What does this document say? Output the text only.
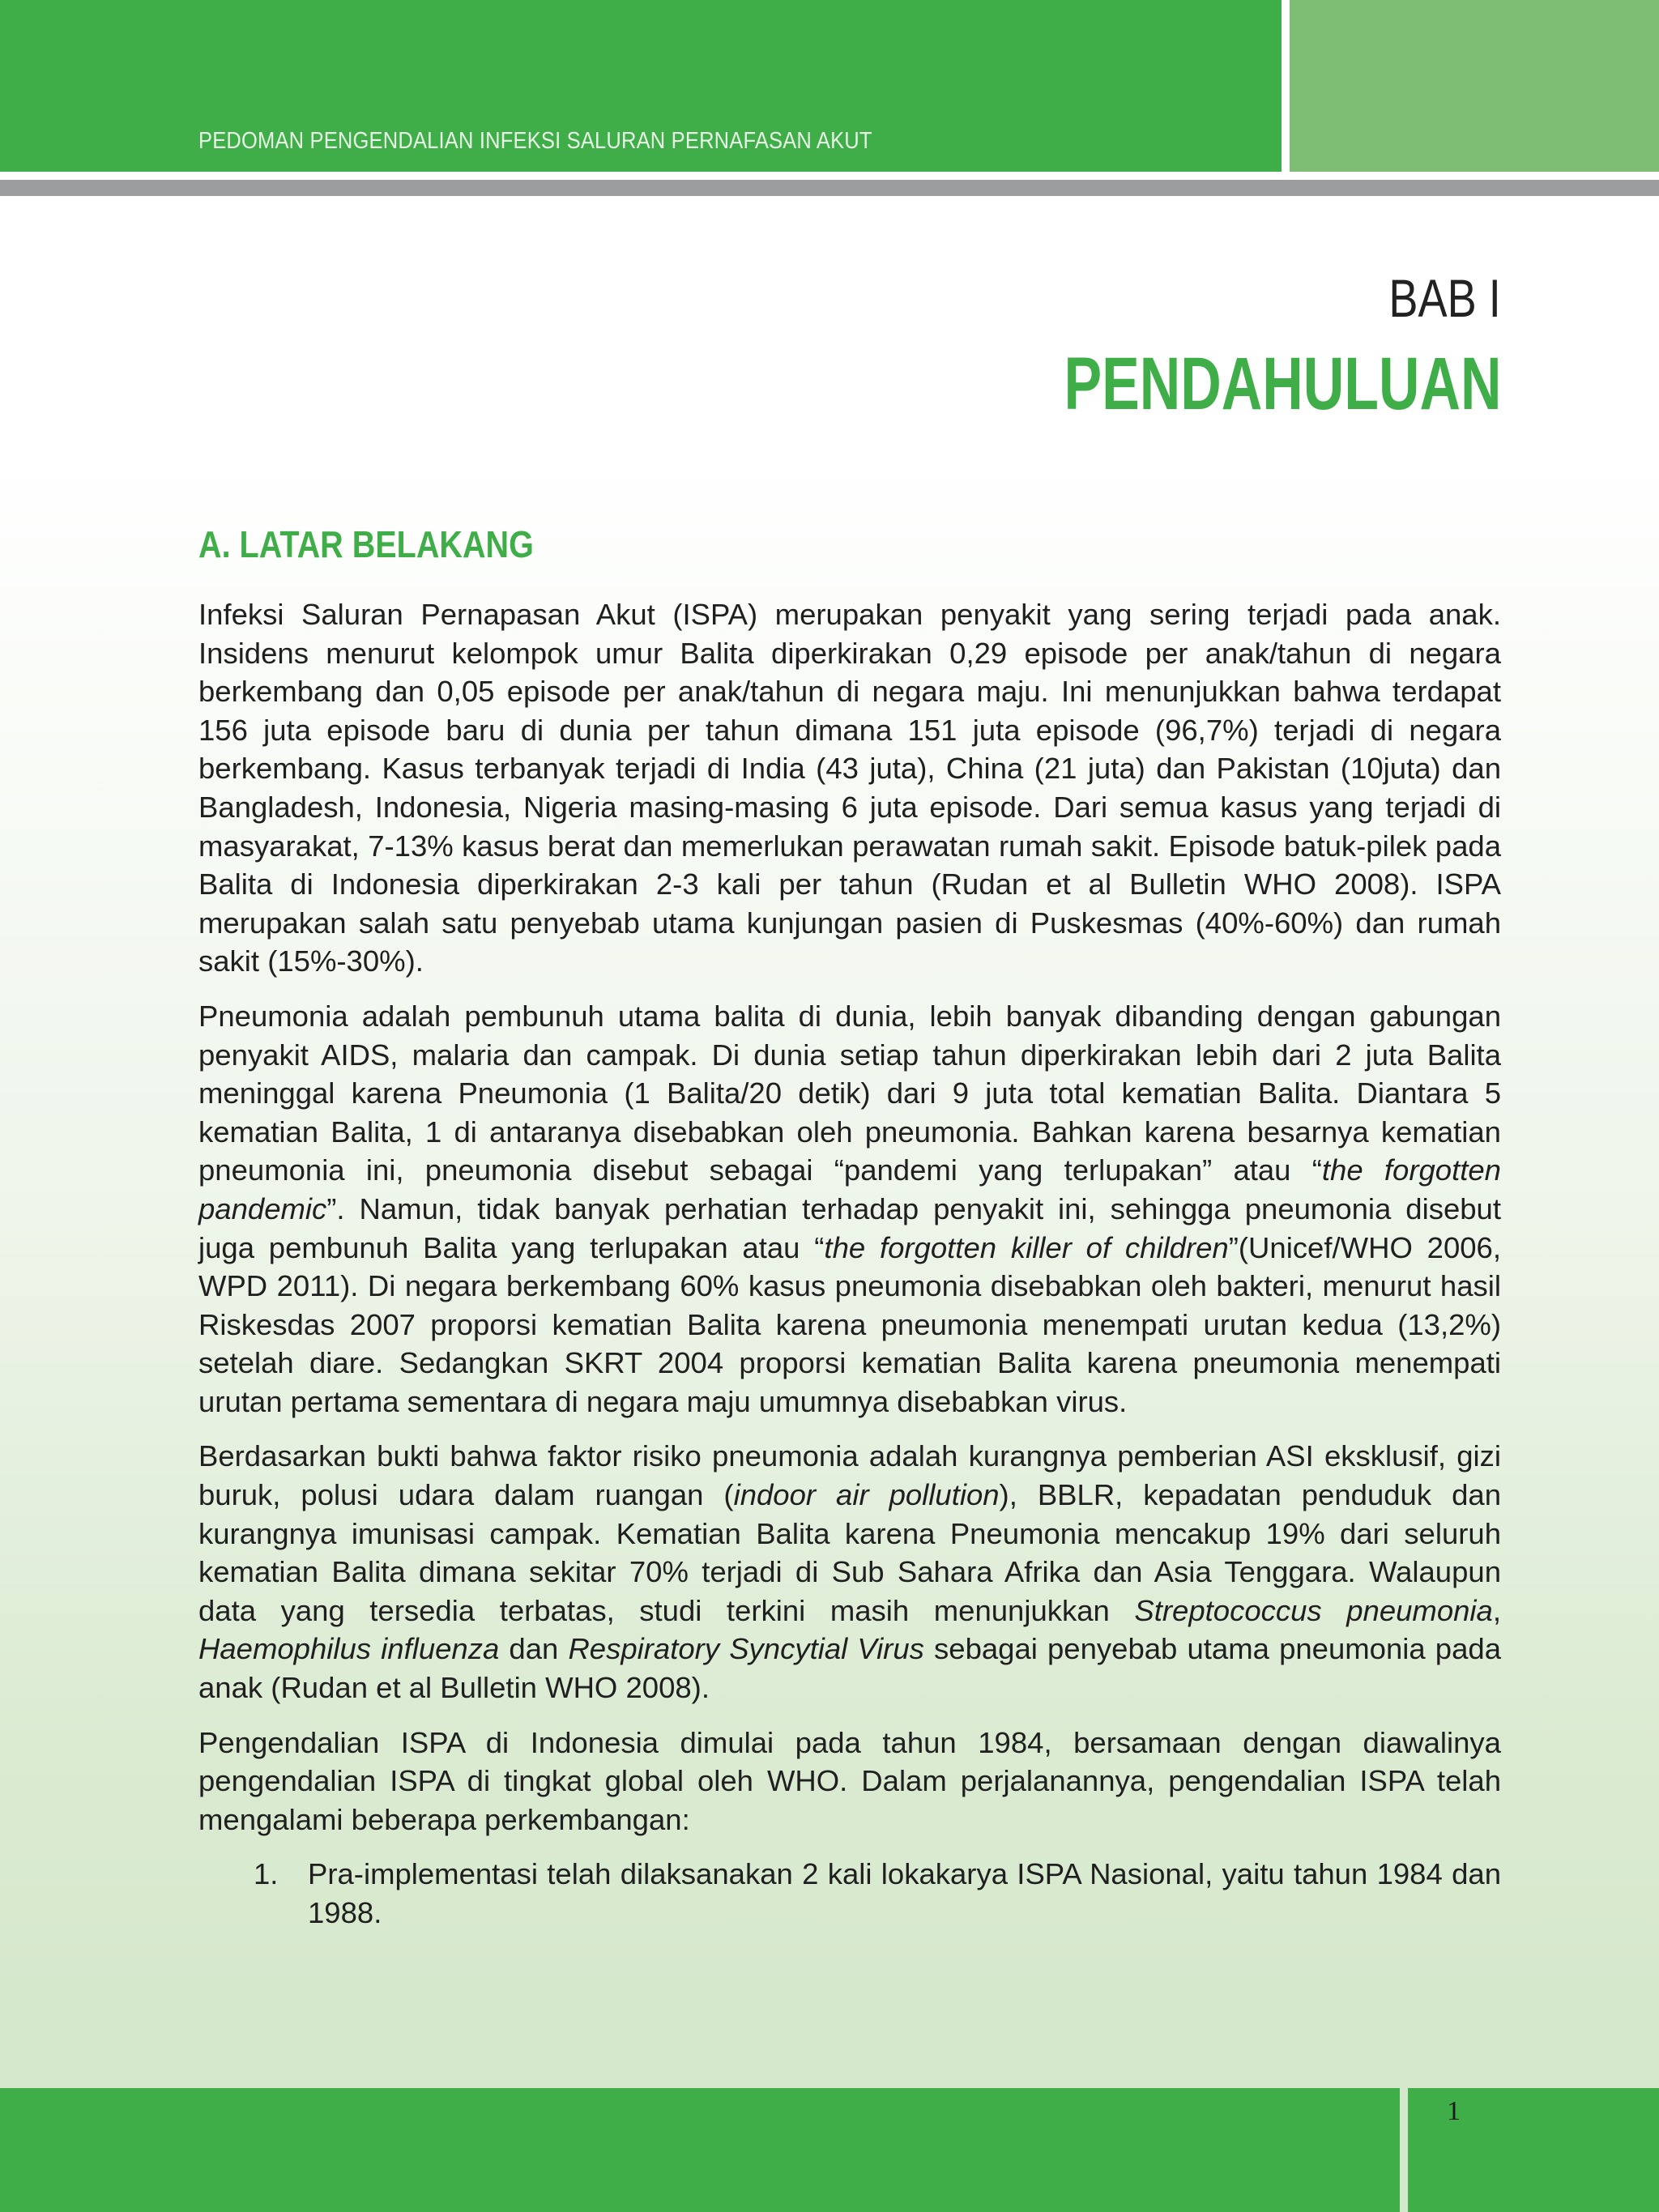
PEDOMAN PENGENDALIAN INFEKSI SALURAN PERNAFASAN AKUT
BAB I
PENDAHULUAN
A. LATAR BELAKANG

Infeksi Saluran Pernapasan Akut (ISPA) merupakan penyakit yang sering terjadi pada anak. Insidens menurut kelompok umur Balita diperkirakan 0,29 episode per anak/tahun di negara berkembang dan 0,05 episode per anak/tahun di negara maju. Ini menunjukkan bahwa terdapat 156 juta episode baru di dunia per tahun dimana 151 juta episode (96,7%) terjadi di negara berkembang. Kasus terbanyak terjadi di India (43 juta), China (21 juta) dan Pakistan (10juta) dan Bangladesh, Indonesia, Nigeria masing-masing 6 juta episode. Dari semua kasus yang terjadi di masyarakat, 7-13% kasus berat dan memerlukan perawatan rumah sakit. Episode batuk-pilek pada Balita di Indonesia diperkirakan 2-3 kali per tahun (Rudan et al Bulletin WHO 2008). ISPA merupakan salah satu penyebab utama kunjungan pasien di Puskesmas (40%-60%) dan rumah sakit (15%-30%).

Pneumonia adalah pembunuh utama balita di dunia, lebih banyak dibanding dengan gabungan penyakit AIDS, malaria dan campak. Di dunia setiap tahun diperkirakan lebih dari 2 juta Balita meninggal karena Pneumonia (1 Balita/20 detik) dari 9 juta total kematian Balita. Diantara 5 kematian Balita, 1 di antaranya disebabkan oleh pneumonia. Bahkan karena besarnya kematian pneumonia ini, pneumonia disebut sebagai “pandemi yang terlupakan” atau “the forgotten pandemic”. Namun, tidak banyak perhatian terhadap penyakit ini, sehingga pneumonia disebut juga pembunuh Balita yang terlupakan atau “the forgotten killer of children”(Unicef/WHO 2006, WPD 2011). Di negara berkembang 60% kasus pneumonia disebabkan oleh bakteri, menurut hasil Riskesdas 2007 proporsi kematian Balita karena pneumonia menempati urutan kedua (13,2%) setelah diare. Sedangkan SKRT 2004 proporsi kematian Balita karena pneumonia menempati urutan pertama sementara di negara maju umumnya disebabkan virus.

Berdasarkan bukti bahwa faktor risiko pneumonia adalah kurangnya pemberian ASI eksklusif, gizi buruk, polusi udara dalam ruangan (indoor air pollution), BBLR, kepadatan penduduk dan kurangnya imunisasi campak. Kematian Balita karena Pneumonia mencakup 19% dari seluruh kematian Balita dimana sekitar 70% terjadi di Sub Sahara Afrika dan Asia Tenggara. Walaupun data yang tersedia terbatas, studi terkini masih menunjukkan Streptococcus pneumonia, Haemophilus influenza dan Respiratory Syncytial Virus sebagai penyebab utama pneumonia pada anak (Rudan et al Bulletin WHO 2008).

Pengendalian ISPA di Indonesia dimulai pada tahun 1984, bersamaan dengan diawalinya pengendalian ISPA di tingkat global oleh WHO. Dalam perjalanannya, pengendalian ISPA telah mengalami beberapa perkembangan:

1. Pra-implementasi telah dilaksanakan 2 kali lokakarya ISPA Nasional, yaitu tahun 1984 dan 1988.
1
